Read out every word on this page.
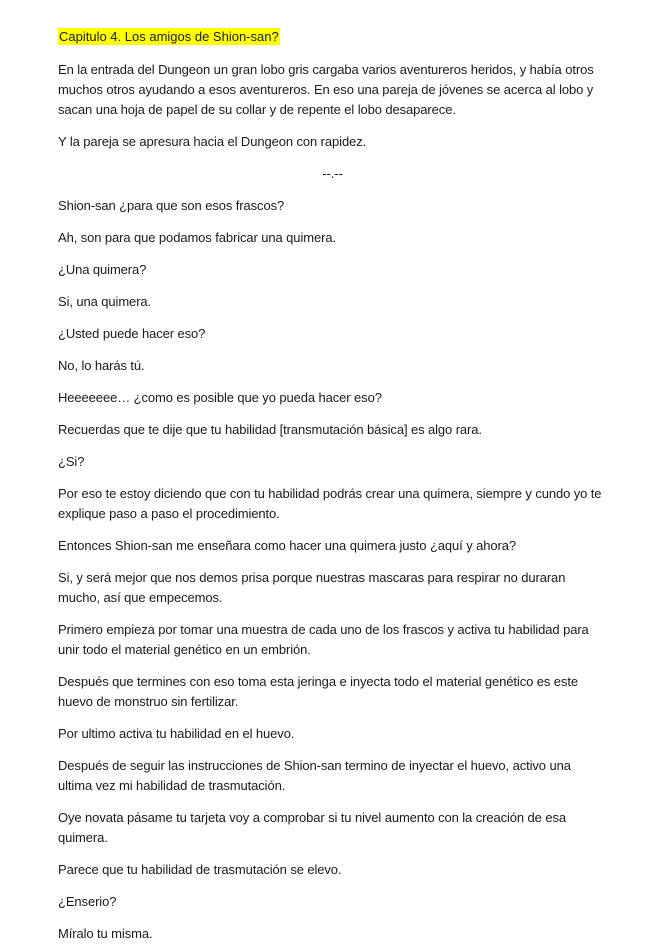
Capitulo 4. Los amigos de Shion-san?

En la entrada del Dungeon un gran lobo gris cargaba varios aventureros heridos, y había otros muchos otros ayudando a esos aventureros. En eso una pareja de jóvenes se acerca al lobo y sacan una hoja de papel de su collar y de repente el lobo desaparece.

Y la pareja se apresura hacia el Dungeon con rapidez.

--.--

Shion-san ¿para que son esos frascos?

Ah, son para que podamos fabricar una quimera.

¿Una quimera?

Si, una quimera.

¿Usted puede hacer eso?

No, lo harás tú.

Heeeeeee… ¿como es posible que yo pueda hacer eso?

Recuerdas que te dije que tu habilidad [transmutación básica] es algo rara.

¿Si?

Por eso te estoy diciendo que con tu habilidad podrás crear una quimera, siempre y cundo yo te explique paso a paso el procedimiento.

Entonces Shion-san me enseñara como hacer una quimera justo ¿aquí y ahora?

Si, y será mejor que nos demos prisa porque nuestras mascaras para respirar no duraran mucho, así que empecemos.

Primero empieza por tomar una muestra de cada uno de los frascos y activa tu habilidad para unir todo el material genético en un embrión.

Después que termines con eso toma esta jeringa e inyecta todo el material genético es este huevo de monstruo sin fertilizar.

Por ultimo activa tu habilidad en el huevo.

Después de seguir las instrucciones de Shion-san termino de inyectar el huevo, activo una ultima vez mi habilidad de trasmutación.

Oye novata pásame tu tarjeta voy a comprobar si tu nivel aumento con la creación de esa quimera.

Parece que tu habilidad de trasmutación se elevo.

¿Enserio?

Míralo tu misma.
